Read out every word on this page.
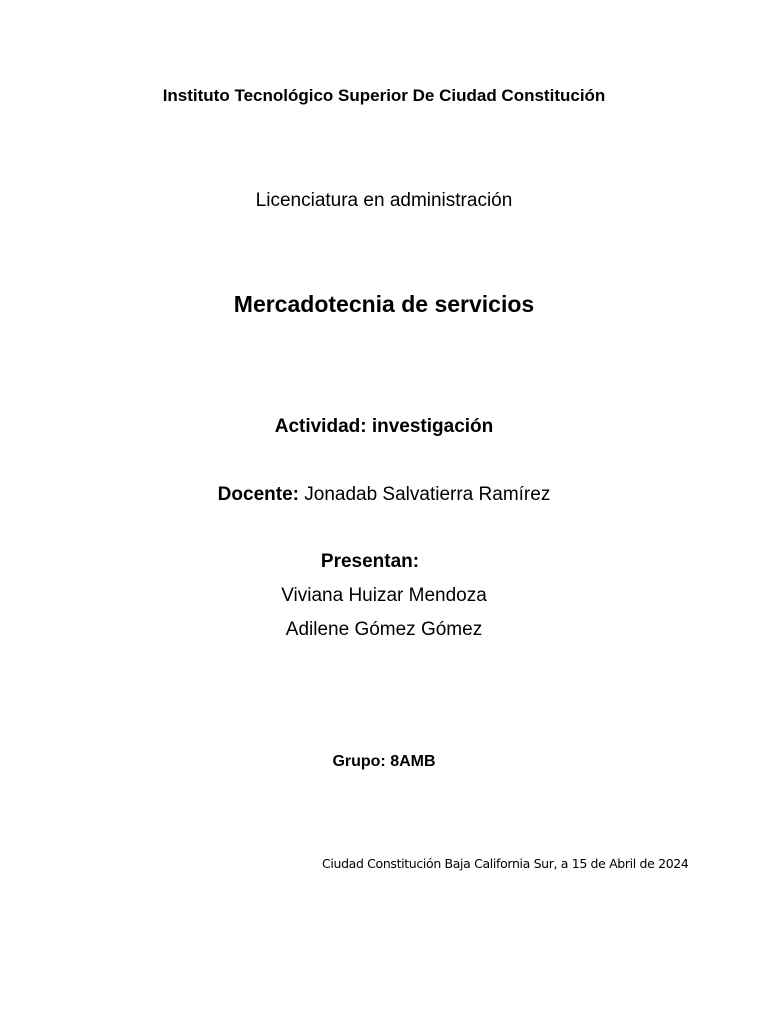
Instituto Tecnológico Superior De Ciudad Constitución
Licenciatura en administración
Mercadotecnia de servicios
Actividad: investigación
Docente: Jonadab Salvatierra Ramírez
Presentan:
Viviana Huizar Mendoza
Adilene Gómez Gómez
Grupo: 8AMB
Ciudad Constitución Baja California Sur, a 15 de Abril de 2024
